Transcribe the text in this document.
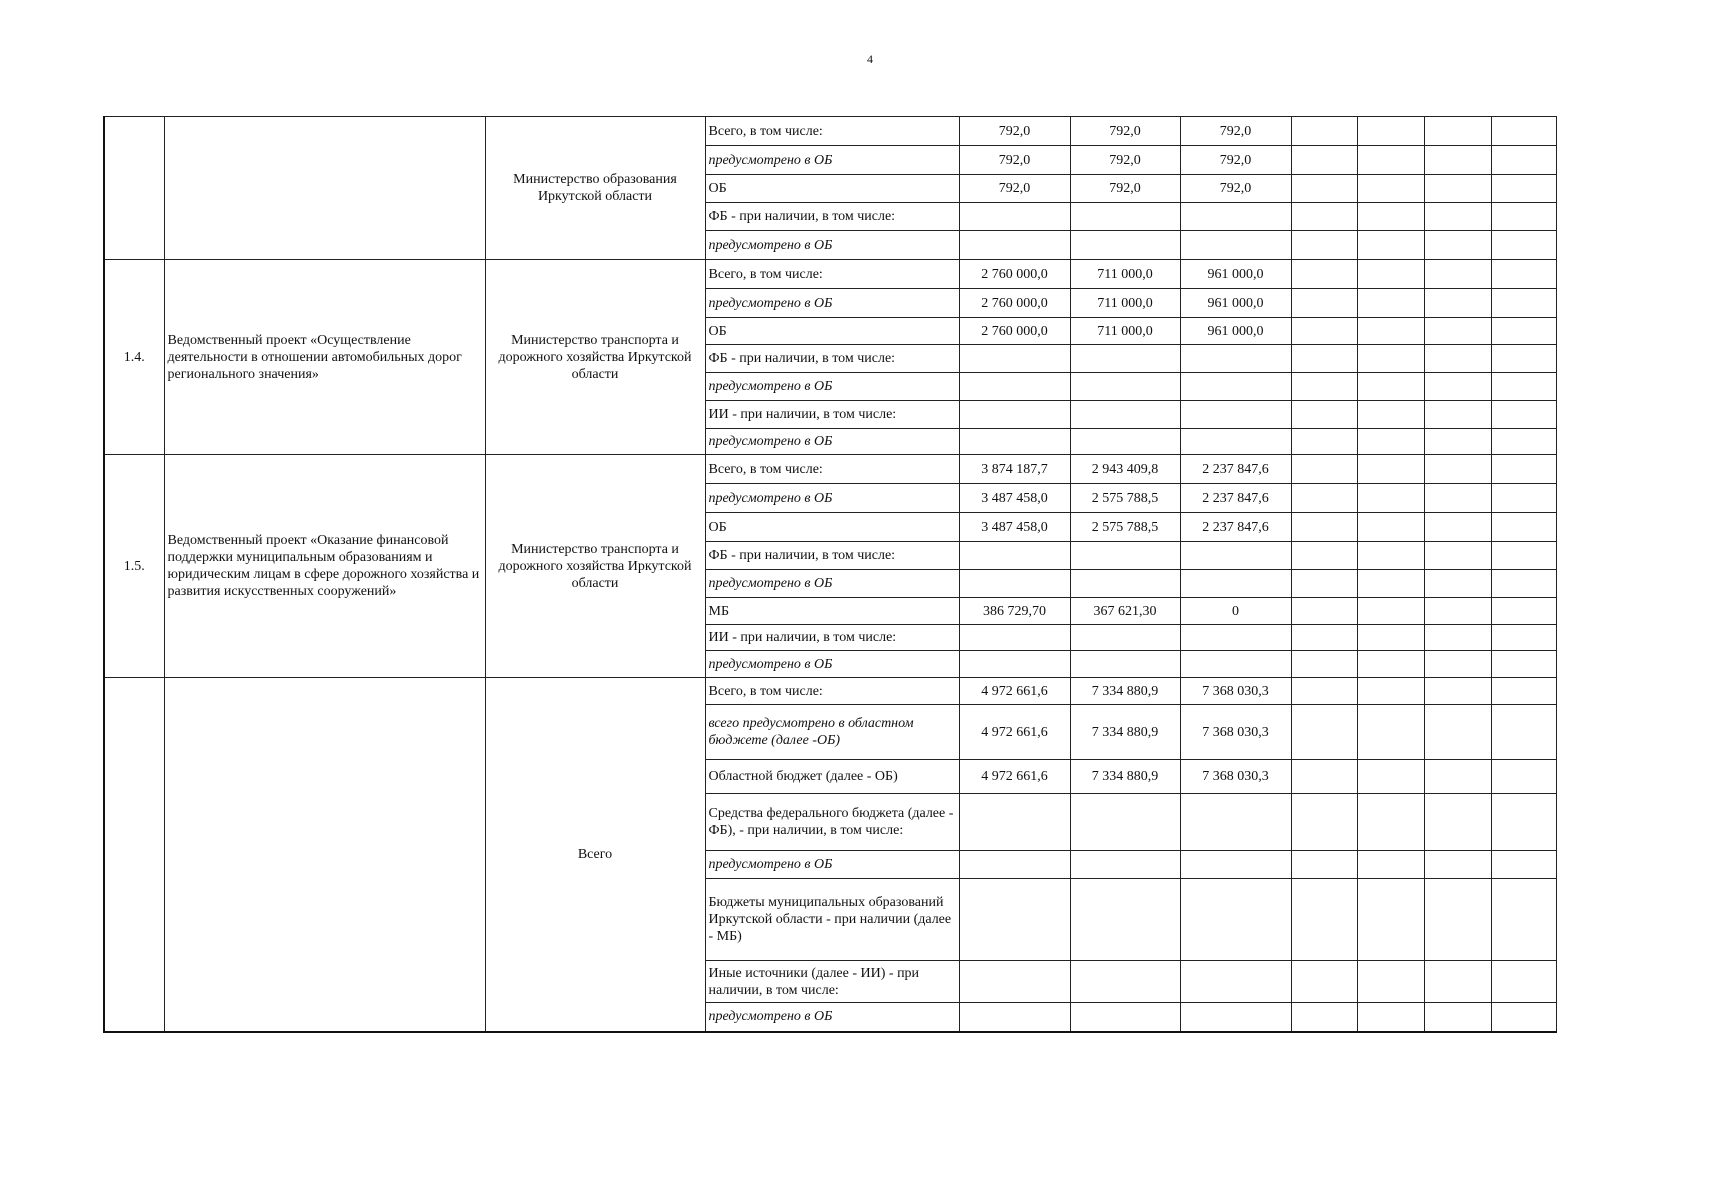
4
		Министерство образования Иркутской области	Всего, в том числе:	792,0	792,0	792,0				
			предусмотрено в ОБ	792,0	792,0	792,0				
			ОБ	792,0	792,0	792,0				
			ФБ - при наличии, в том числе:							
			предусмотрено в ОБ							
1.4.	Ведомственный проект «Осуществление деятельности в отношении автомобильных дорог регионального значения»	Министерство транспорта и дорожного хозяйства Иркутской области	Всего, в том числе:	2 760 000,0	711 000,0	961 000,0				
			предусмотрено в ОБ	2 760 000,0	711 000,0	961 000,0				
			ОБ	2 760 000,0	711 000,0	961 000,0				
			ФБ - при наличии, в том числе:							
			предусмотрено в ОБ							
			ИИ - при наличии, в том числе:							
			предусмотрено в ОБ							
1.5.	Ведомственный проект «Оказание финансовой поддержки муниципальным образованиям и юридическим лицам в сфере дорожного хозяйства и развития искусственных сооружений»	Министерство транспорта и дорожного хозяйства Иркутской области	Всего, в том числе:	3 874 187,7	2 943 409,8	2 237 847,6				
			предусмотрено в ОБ	3 487 458,0	2 575 788,5	2 237 847,6				
			ОБ	3 487 458,0	2 575 788,5	2 237 847,6				
			ФБ - при наличии, в том числе:							
			предусмотрено в ОБ							
			МБ	386 729,70	367 621,30	0				
			ИИ - при наличии, в том числе:							
			предусмотрено в ОБ							
		Всего	Всего, в том числе:	4 972 661,6	7 334 880,9	7 368 030,3				
			всего предусмотрено в областном бюджете (далее -ОБ)	4 972 661,6	7 334 880,9	7 368 030,3				
			Областной бюджет (далее - ОБ)	4 972 661,6	7 334 880,9	7 368 030,3				
			Средства федерального бюджета (далее - ФБ), - при наличии, в том числе:							
			предусмотрено в ОБ							
			Бюджеты муниципальных образований Иркутской области - при наличии (далее - МБ)							
			Иные источники (далее - ИИ) - при наличии, в том числе:							
			предусмотрено в ОБ							
